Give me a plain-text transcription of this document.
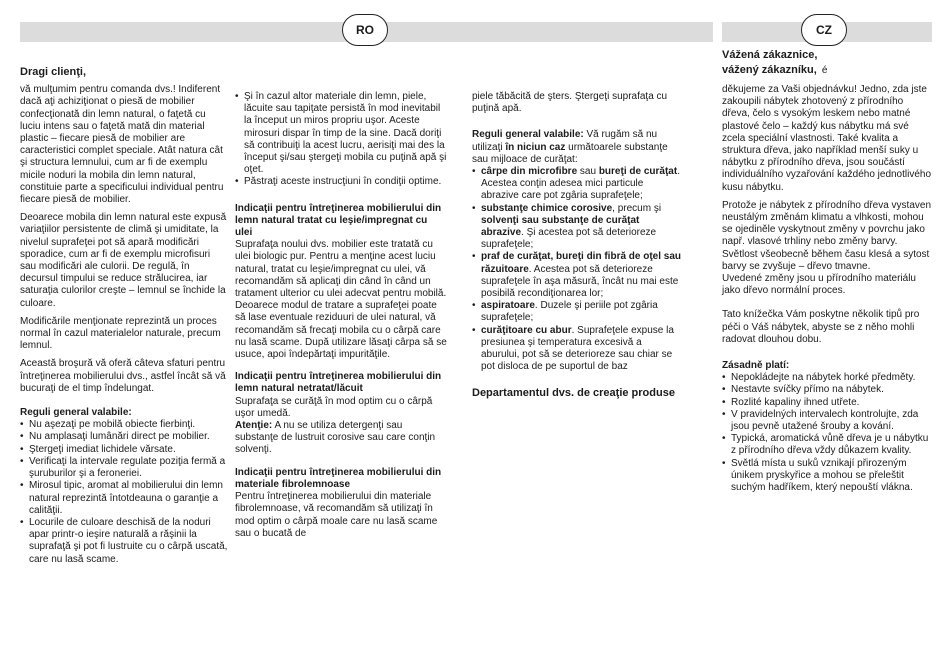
RO	CZ

Dragi clienţi,

vă mulţumim pentru comanda dvs.! Indiferent dacă aţi achiziţionat o piesă de mobilier confecţionată din lemn natural, o faţetă cu luciu intens sau o faţetă mată din material plastic – fiecare piesă de mobilier are caracteristici complet speciale. Atât natura cât şi structura lemnului, cum ar fi de exemplu micile noduri la mobila din lemn natural, constituie parte a specificului individual pentru fiecare piesă de mobilier.

Deoarece mobila din lemn natural este expusă variaţiilor persistente de climă şi umiditate, la nivelul suprafeţei pot să apară modificări sporadice, cum ar fi de exemplu microfisuri sau modificări ale culorii. De regulă, în decursul timpului se reduce strălucirea, iar saturaţia culorilor creşte – lemnul se închide la culoare.

Modificările menţionate reprezintă un proces normal în cazul materialelor naturale, precum lemnul.

Această broşură vă oferă câteva sfaturi pentru întreţinerea mobilierului dvs., astfel încât să vă bucuraţi de el timp îndelungat.

Reguli general valabile:

• Nu aşezaţi pe mobilă obiecte fierbinţi.
• Nu amplasaţi lumânări direct pe mobilier.
• Ştergeţi imediat lichidele vărsate.
• Verificaţi la intervale regulate poziţia fermă a şuruburilor şi a feroneriei.
• Mirosul tipic, aromat al mobilierului din lemn natural reprezintă întotdeauna o garanţie a calităţii.
• Locurile de culoare deschisă de la noduri apar printr-o ieşire naturală a răşinii la suprafaţă şi pot fi lustruite cu o cârpă uscată, care nu lasă scame.
• Şi în cazul altor materiale din lemn, piele, lăcuite sau tapiţate persistă în mod inevitabil la început un miros propriu uşor. Aceste mirosuri dispar în timp de la sine. Dacă doriţi să contribuiţi la acest lucru, aerisiţi mai des la început şi/sau ştergeţi mobila cu puţină apă şi oţet.
• Păstraţi aceste instrucţiuni în condiţii optime.

Indicaţii pentru întreţinerea mobilierului din lemn natural tratat cu leşie/impregnat cu ulei

Suprafaţa noului dvs. mobilier este tratată cu ulei biologic pur. Pentru a menţine acest luciu natural, tratat cu leşie/impregnat cu ulei, vă recomandăm să aplicaţi din când în când un tratament ulterior cu ulei adecvat pentru mobilă. Deoarece modul de tratare a suprafeţei poate să lase eventuale reziduuri de ulei natural, vă recomandăm să frecaţi mobila cu o cârpă care nu lasă scame. După utilizare lăsaţi cârpa să se usuce, apoi îndepărtaţi impurităţile.

Indicaţii pentru întreţinerea mobilierului din lemn natural netratat/lăcuit

Suprafaţa se curăţă în mod optim cu o cârpă uşor umedă.

Atenţie: A nu se utiliza detergenţi sau substanţe de lustruit corosive sau care conţin solvenţi.

Indicaţii pentru întreţinerea mobilierului din materiale fibrolemnoase

Pentru întreţinerea mobilierului din materiale fibrolemnoase, vă recomandăm să utilizaţi în mod optim o cârpă moale care nu lasă scame sau o bucată de

piele tăbăcită de şters. Ştergeţi suprafaţa cu puţină apă.

Reguli general valabile: Vă rugăm să nu utilizaţi în niciun caz următoarele substanţe sau mijloace de curăţat:

• cârpe din microfibre sau bureţi de curăţat. Acestea conţin adesea mici particule abrazive care pot zgâria suprafeţele;
• substanţe chimice corosive, precum şi solvenţi sau substanţe de curăţat abrazive. Şi acestea pot să deterioreze suprafeţele;
• praf de curăţat, bureţi din fibră de oţel sau răzuitoare. Acestea pot să deterioreze suprafeţele în aşa măsură, încât nu mai este posibilă recondiţionarea lor;
• aspiratoare. Duzele şi periile pot zgâria suprafeţele;
• curăţitoare cu abur. Suprafeţele expuse la presiunea şi temperatura excesivă a aburului, pot să se deterioreze sau chiar se pot disloca de pe suportul de baz

Departamentul dvs. de creaţie produse

Vážená zákaznice,

vážený zákazníku, é

děkujeme za Vaši objednávku! Jedno, zda jste zakoupili nábytek zhotovený z přírodního dřeva, čelo s vysokým leskem nebo matné plastové čelo – každý kus nábytku má své zcela speciální vlastnosti. Také kvalita a struktura dřeva, jako například menší suky u nábytku z přírodního dřeva, jsou součástí individuálního vyzařování každého jednotlivého kusu nábytku.

Protože je nábytek z přírodního dřeva vystaven neustálým změnám klimatu a vlhkosti, mohou se ojediněle vyskytnout změny v povrchu jako např. vlasové trhliny nebo změny barvy. Světlost všeobecně během času klesá a sytost barvy se zvyšuje – dřevo tmavne.

Uvedené změny jsou u přírodního materiálu jako dřevo normální proces.

Tato knížečka Vám poskytne několik tipů pro péči o Váš nábytek, abyste se z něho mohli radovat dlouhou dobu.

Zásadně platí:

• Nepokládejte na nábytek horké předměty.
• Nestavte svíčky přímo na nábytek.
• Rozlité kapaliny ihned utřete.
• V pravidelných intervalech kontrolujte, zda jsou pevně utažené šrouby a kování.
• Typická, aromatická vůně dřeva je u nábytku z přírodního dřeva vždy důkazem kvality.
• Světlá místa u suků vznikají přirozeným únikem pryskyřice a mohou se přeleštit suchým hadříkem, který nepouští vlákna.
